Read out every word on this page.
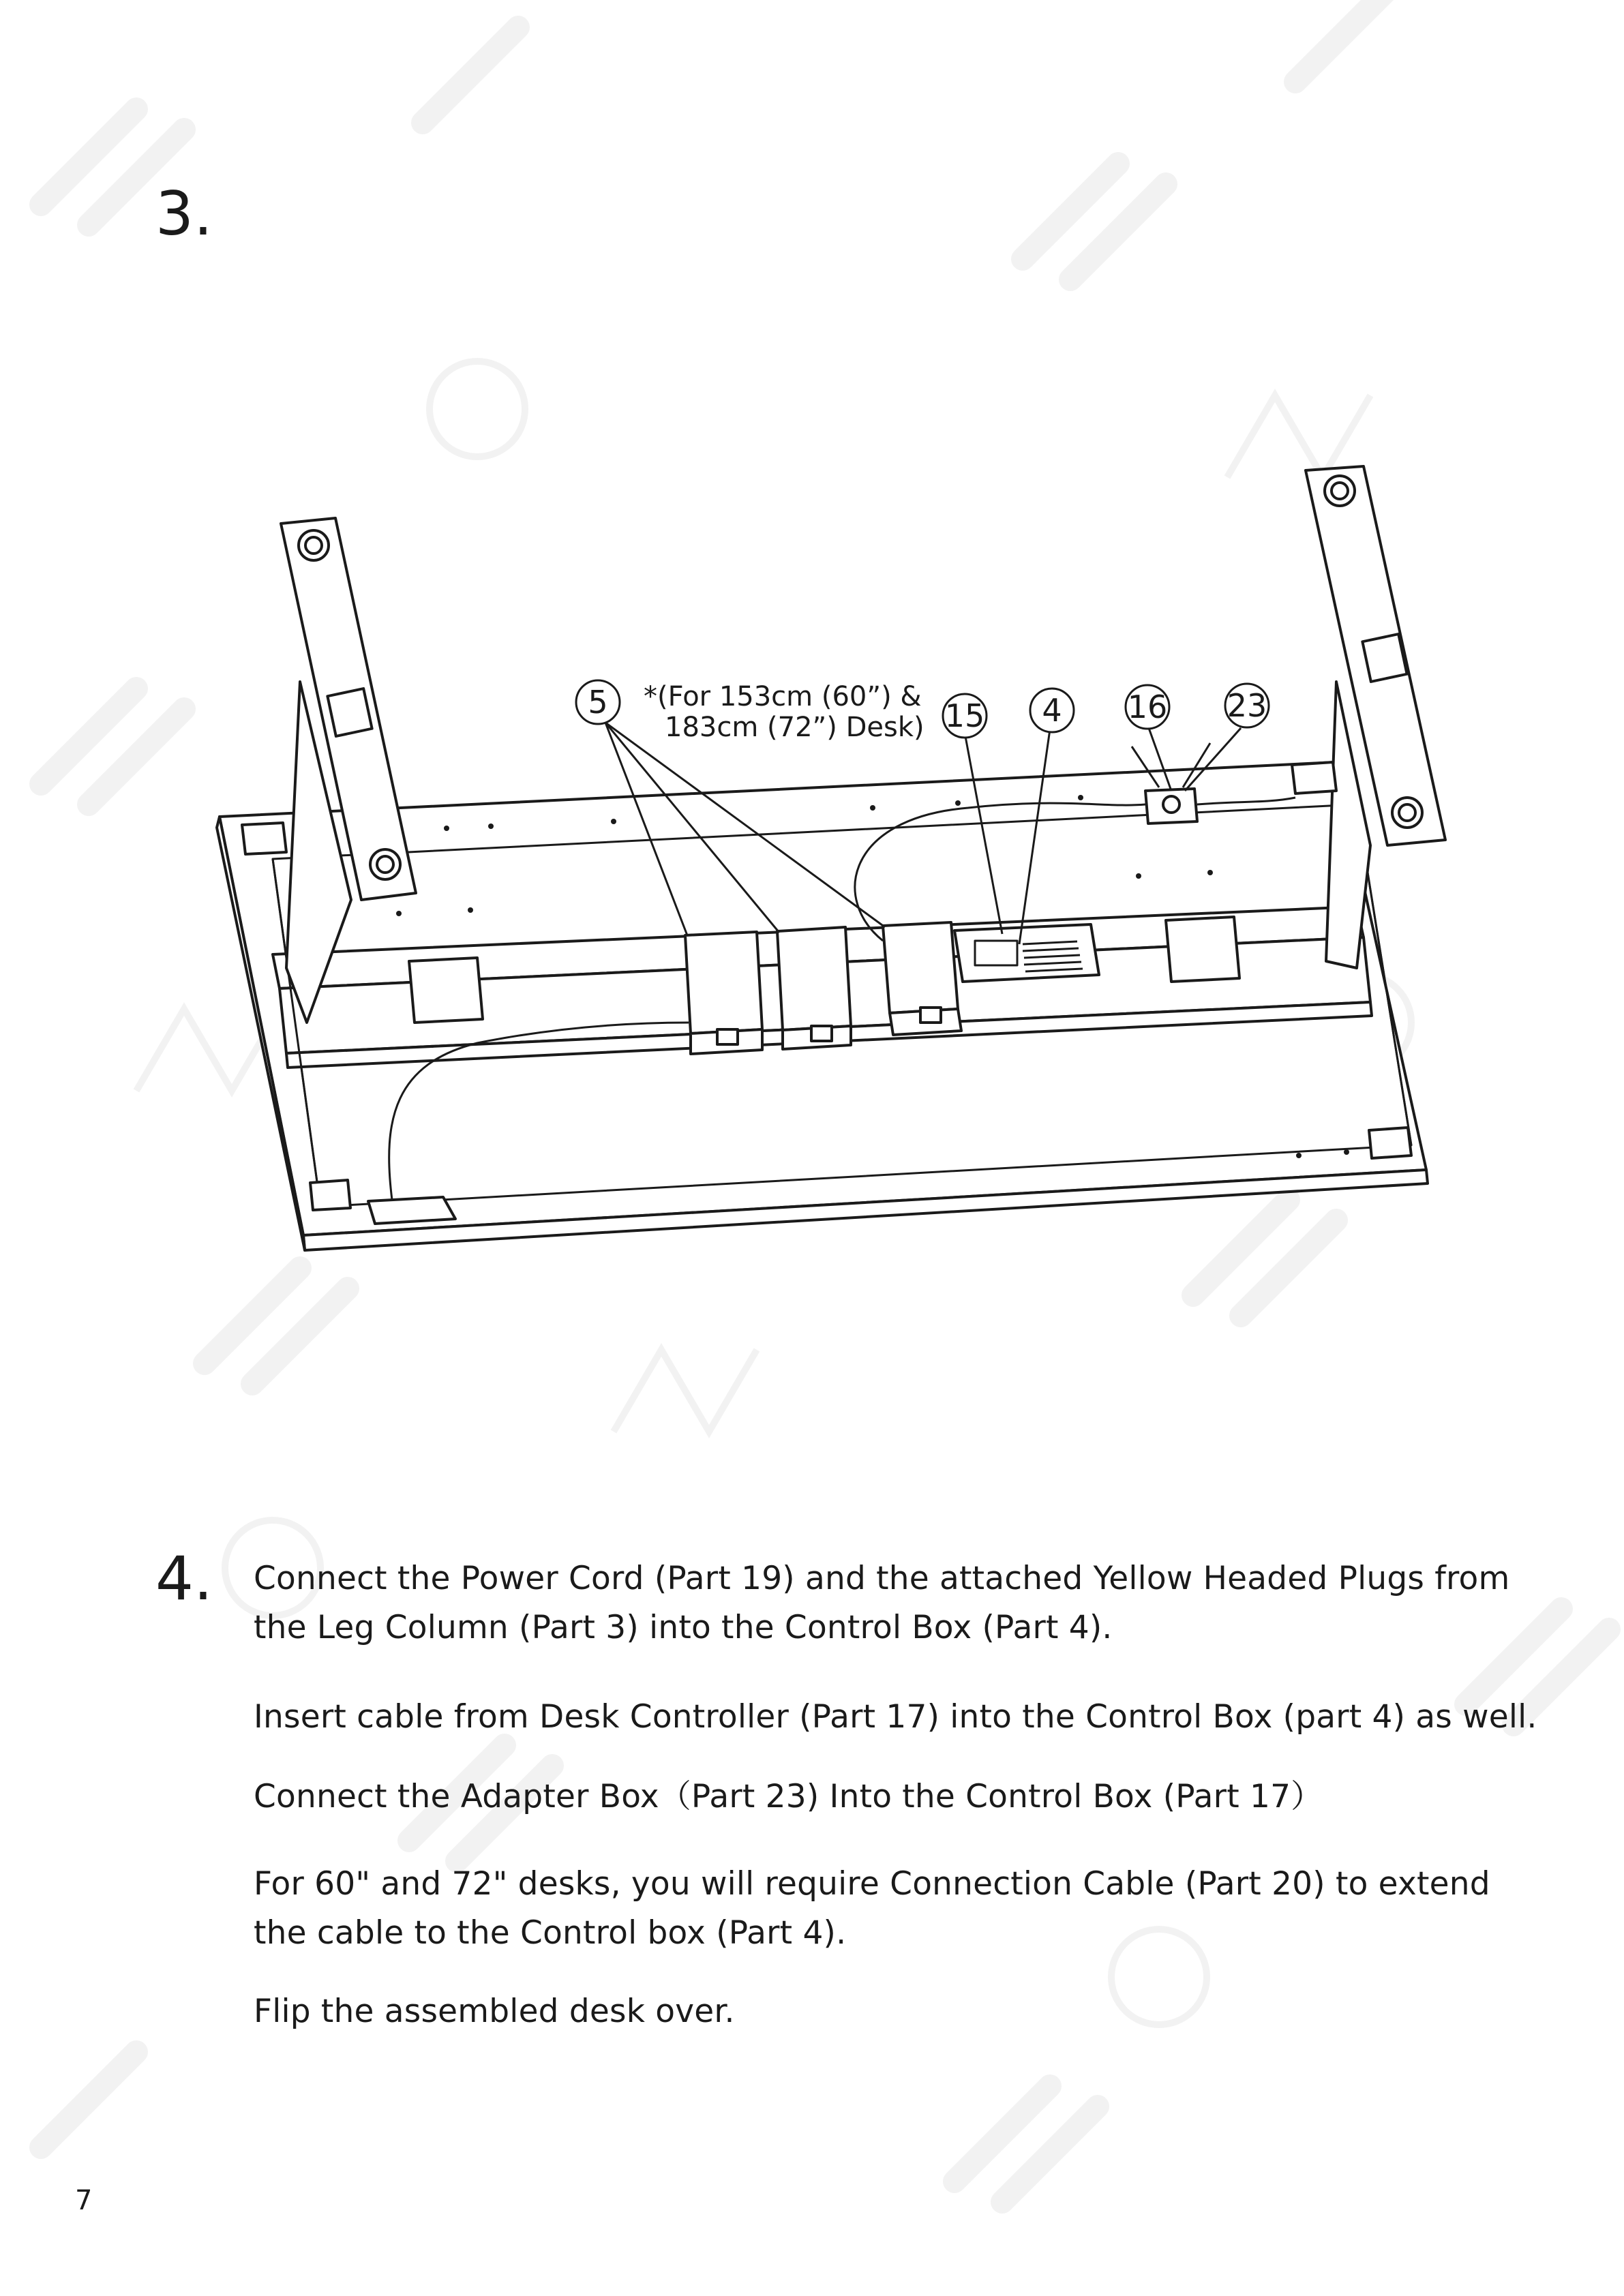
3.
5	15 4 16 23
*(For 153cm (60”) &
183cm (72”) Desk)
4. Connect the Power Cord (Part 19) and the attached Yellow Headed Plugs from the Leg Column (Part 3) into the Control Box (Part 4).
Insert cable from Desk Controller (Part 17) into the Control Box (part 4) as well.
Connect the Adapter Box（Part 23) Into the Control Box (Part 17）
For 60" and 72" desks, you will require Connection Cable (Part 20) to extend the cable to the Control box (Part 4).
Flip the assembled desk over.
7
